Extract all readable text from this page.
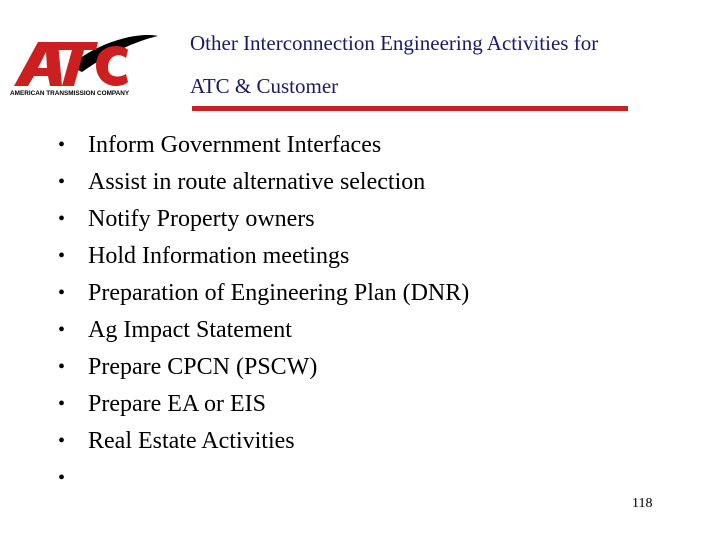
AMERICAN TRANSMISSION COMPANY
Other Interconnection Engineering Activities for
ATC & Customer
• Inform Government Interfaces
• Assist in route alternative selection
• Notify Property owners
• Hold Information meetings
• Preparation of Engineering Plan (DNR)
• Ag Impact Statement
• Prepare CPCN (PSCW)
• Prepare EA or EIS
• Real Estate Activities
•
118
